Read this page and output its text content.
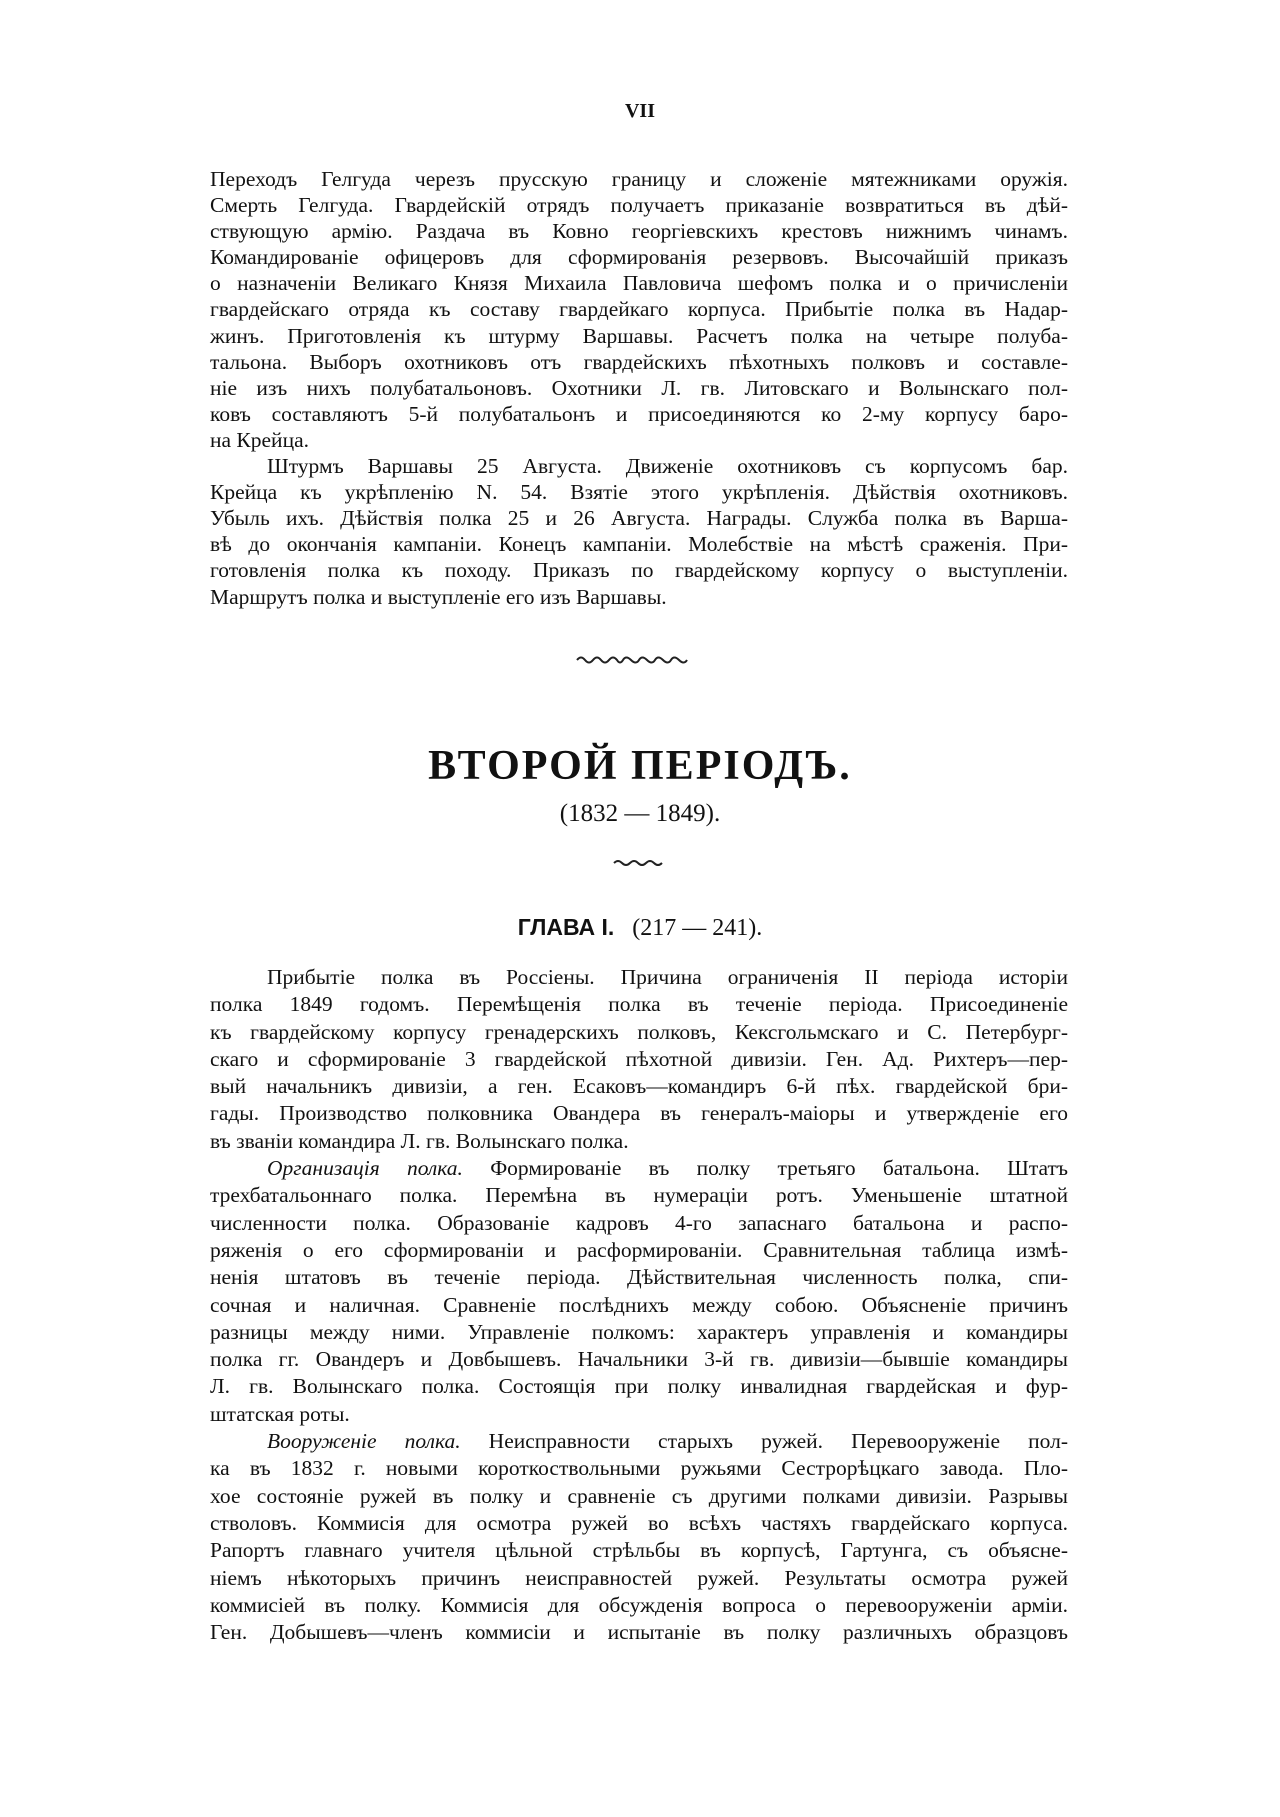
VII
Переходъ Гелгуда черезъ прусскую границу и сложеніе мятежниками оружія.
Смерть Гелгуда. Гвардейскій отрядъ получаетъ приказаніе возвратиться въ дѣй-
ствующую армію. Раздача въ Ковно георгіевскихъ крестовъ нижнимъ чинамъ.
Командированіе офицеровъ для сформированія резервовъ. Высочайшій приказъ
о назначеніи Великаго Князя Михаила Павловича шефомъ полка и о причисленіи
гвардейскаго отряда къ составу гвардейкаго корпуса. Прибытіе полка въ Надар-
жинъ. Приготовленія къ штурму Варшавы. Расчетъ полка на четыре полуба-
тальона. Выборъ охотниковъ отъ гвардейскихъ пѣхотныхъ полковъ и составле-
ніе изъ нихъ полубатальоновъ. Охотники Л. гв. Литовскаго и Волынскаго пол-
ковъ составляютъ 5-й полубатальонъ и присоединяются ко 2-му корпусу баро-
на Крейца.
Штурмъ Варшавы 25 Августа. Движеніе охотниковъ съ корпусомъ бар.
Крейца къ укрѣпленію N. 54. Взятіе этого укрѣпленія. Дѣйствія охотниковъ.
Убыль ихъ. Дѣйствія полка 25 и 26 Августа. Награды. Служба полка въ Варша-
вѣ до окончанія кампаніи. Конецъ кампаніи. Молебствіе на мѣстѣ сраженія. При-
готовленія полка къ походу. Приказъ по гвардейскому корпусу о выступленіи.
Маршрутъ полка и выступленіе его изъ Варшавы.
ВТОРОЙ ПЕРІОДЪ.
(1832 — 1849).
ГЛАВА I. (217 — 241).
Прибытіе полка въ Россіены. Причина ограниченія II періода исторіи
полка 1849 годомъ. Перемѣщенія полка въ теченіе періода. Присоединеніе
къ гвардейскому корпусу гренадерскихъ полковъ, Кексгольмскаго и С. Петербург-
скаго и сформированіе 3 гвардейской пѣхотной дивизіи. Ген. Ад. Рихтеръ—пер-
вый начальникъ дивизіи, а ген. Есаковъ—командиръ 6-й пѣх. гвардейской бри-
гады. Производство полковника Овандера въ генералъ-маіоры и утвержденіе его
въ званіи командира Л. гв. Волынскаго полка.
Организація полка. Формированіе въ полку третьяго батальона. Штатъ
трехбатальоннаго полка. Перемѣна въ нумераціи ротъ. Уменьшеніе штатной
численности полка. Образованіе кадровъ 4-го запаснаго батальона и распо-
ряженія о его сформированіи и расформированіи. Сравнительная таблица измѣ-
ненія штатовъ въ теченіе періода. Дѣйствительная численность полка, спи-
сочная и наличная. Сравненіе послѣднихъ между собою. Объясненіе причинъ
разницы между ними. Управленіе полкомъ: характеръ управленія и командиры
полка гг. Овандеръ и Довбышевъ. Начальники 3-й гв. дивизіи—бывшіе командиры
Л. гв. Волынскаго полка. Состоящія при полку инвалидная гвардейская и фур-
штатская роты.
Вооруженіе полка. Неисправности старыхъ ружей. Перевооруженіе пол-
ка въ 1832 г. новыми короткоствольными ружьями Сестрорѣцкаго завода. Пло-
хое состояніе ружей въ полку и сравненіе съ другими полками дивизіи. Разрывы
стволовъ. Коммисія для осмотра ружей во всѣхъ частяхъ гвардейскаго корпуса.
Рапортъ главнаго учителя цѣльной стрѣльбы въ корпусѣ, Гартунга, съ объясне-
ніемъ нѣкоторыхъ причинъ неисправностей ружей. Результаты осмотра ружей
коммисіей въ полку. Коммисія для обсужденія вопроса о перевооруженіи арміи.
Ген. Добышевъ—членъ коммисіи и испытаніе въ полку различныхъ образцовъ
